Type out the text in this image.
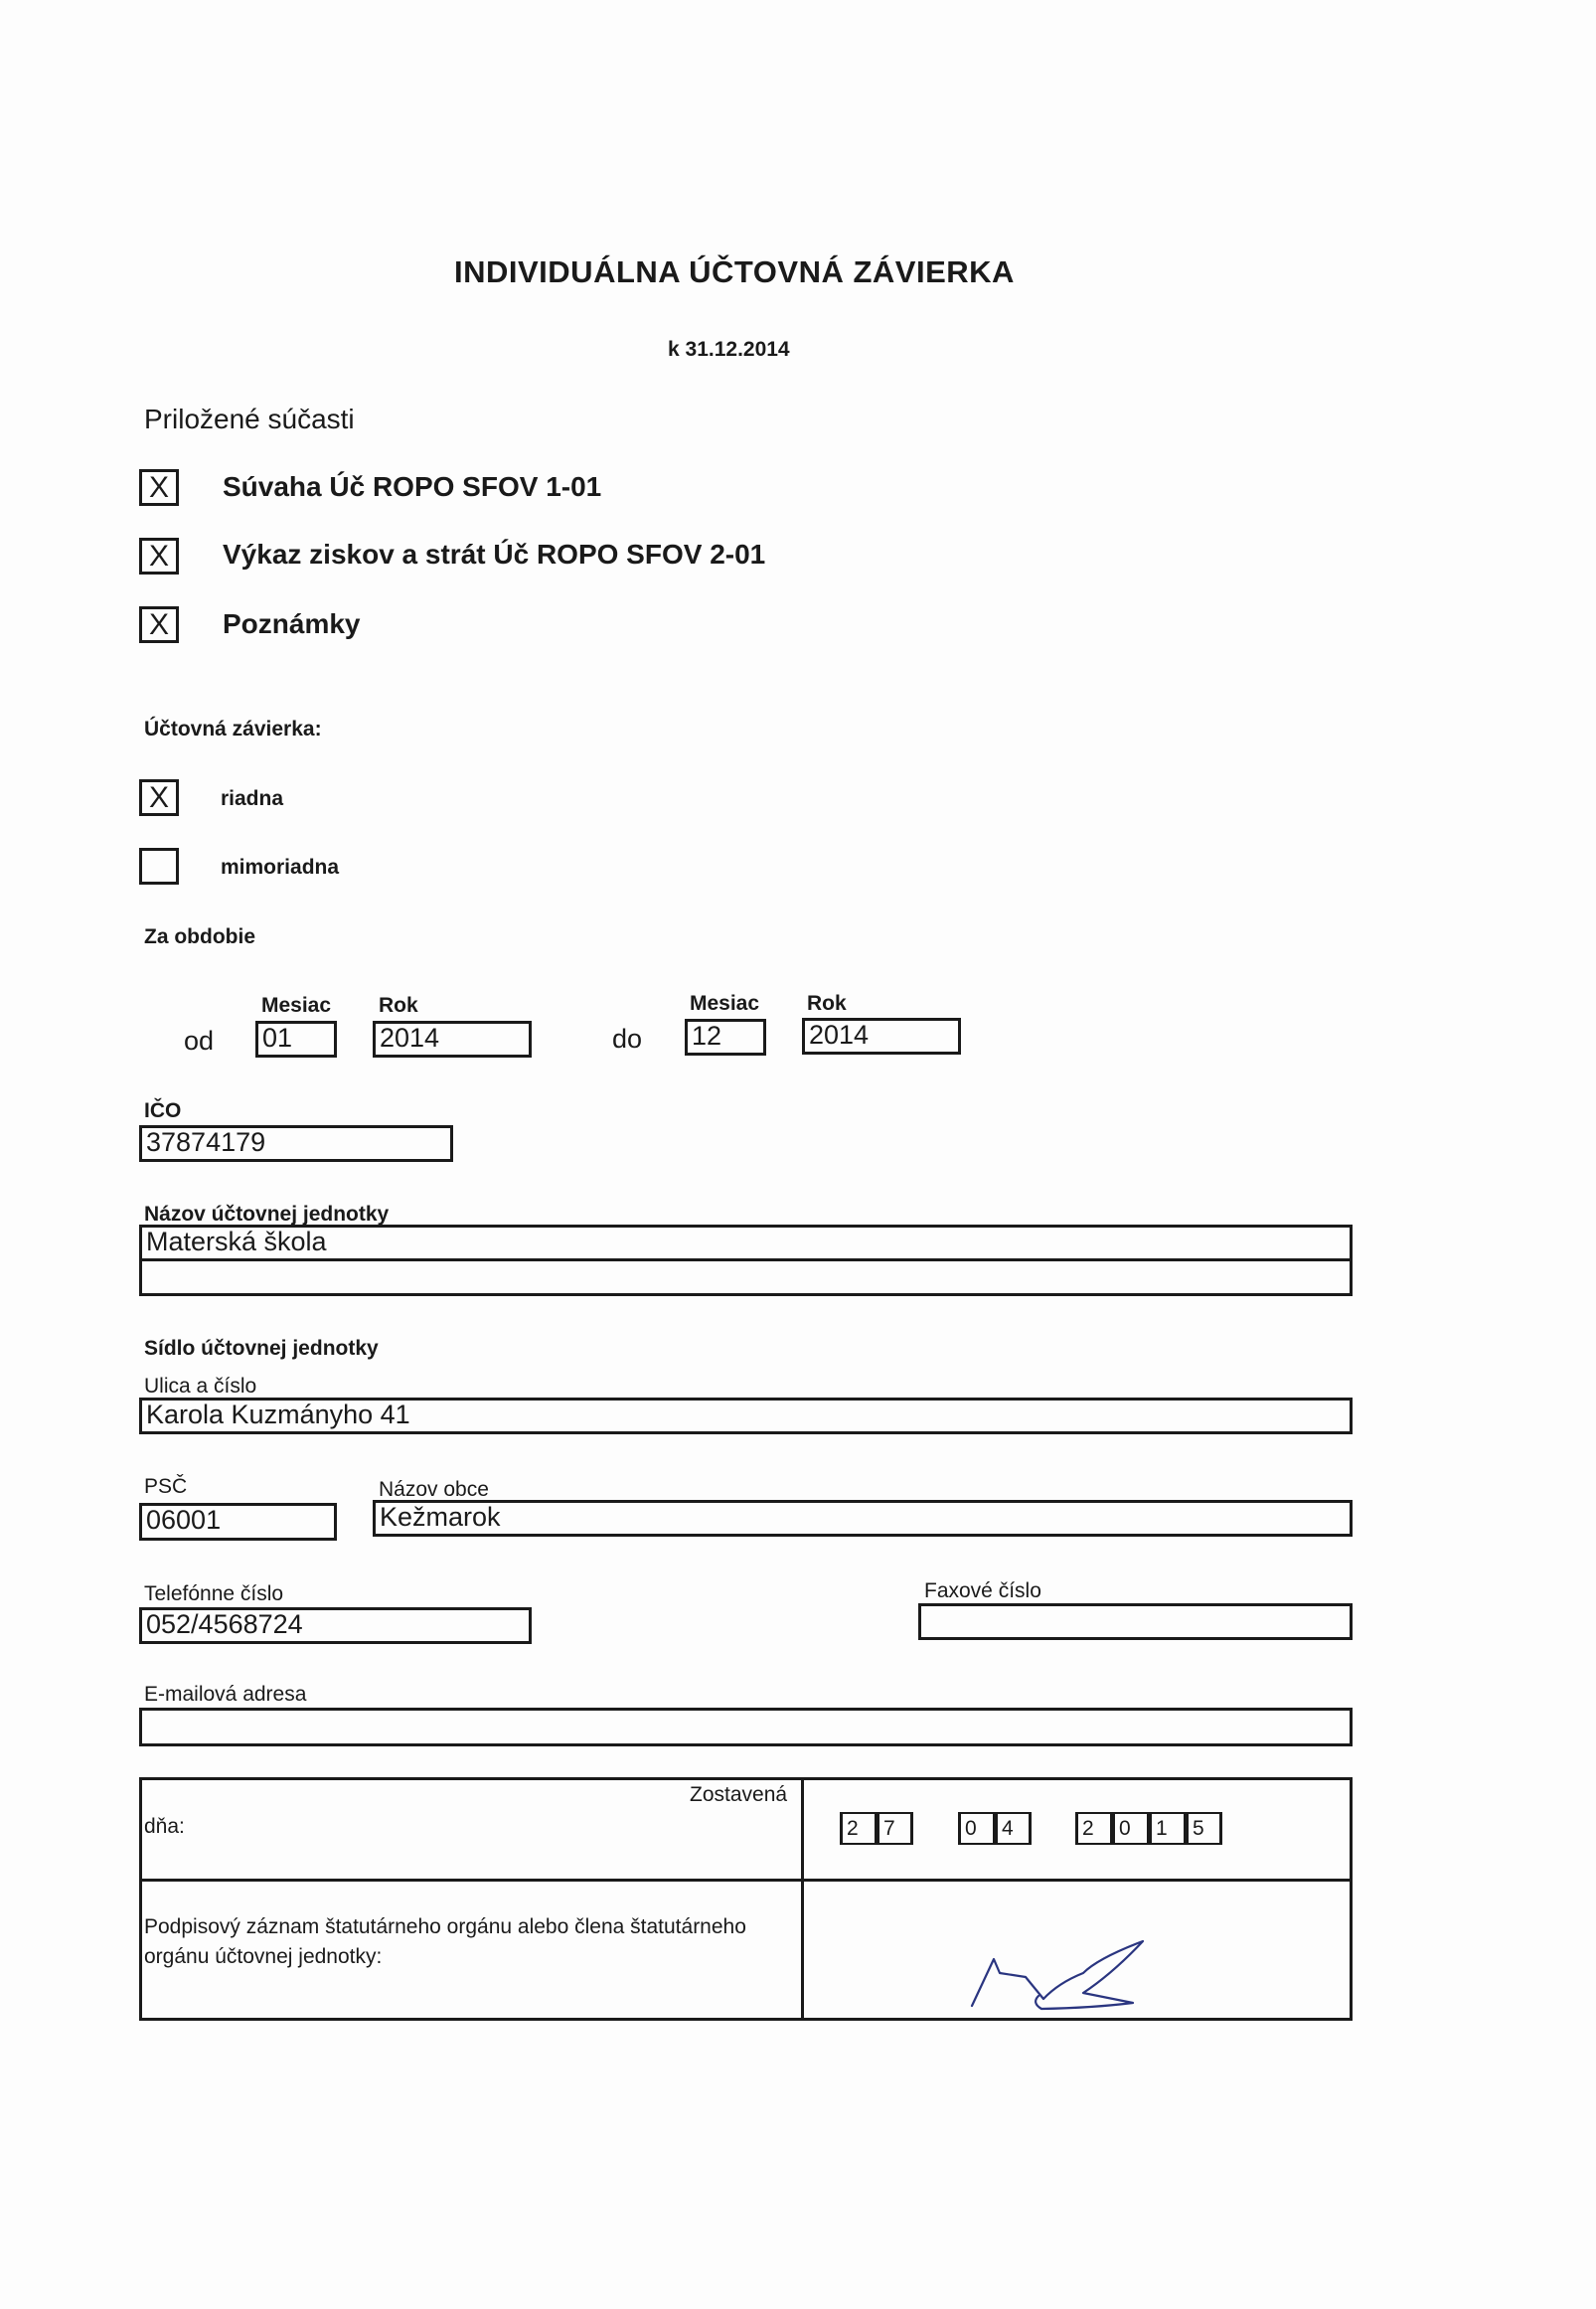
INDIVIDUÁLNA ÚČTOVNÁ ZÁVIERKA
k 31.12.2014
Priložené súčasti
X	Súvaha Úč ROPO SFOV 1-01
X	Výkaz ziskov a strát Úč ROPO SFOV 2-01
X	Poznámky
Účtovná závierka:
X	riadna
mimoriadna
Za obdobie
Mesiac Rok
od 01	2014
Mesiac Rok
do 12	2014
IČO
37874179
Názov účtovnej jednotky
Materská škola
Sídlo účtovnej jednotky
Ulica a číslo
Karola Kuzmányho 41
PSČ
06001
Názov obce
Kežmarok
Telefónne číslo
052/4568724
Faxové číslo
E-mailová adresa
Zostavená
dňa:	2 7	0 4	2 0 1 5
Podpisový záznam štatutárneho orgánu alebo člena štatutárneho orgánu účtovnej jednotky:
